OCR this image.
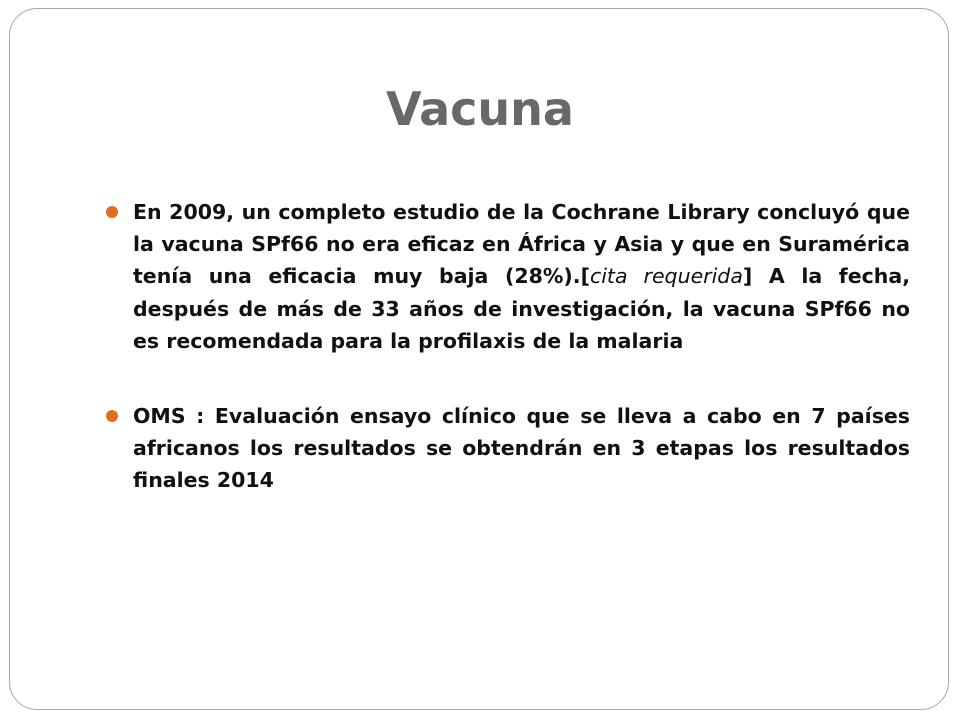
Vacuna
En 2009, un completo estudio de la Cochrane Library concluyó que la vacuna SPf66 no era eficaz en África y Asia y que en Suramérica tenía una eficacia muy baja (28%).[cita requerida] A la fecha, después de más de 33 años de investigación, la vacuna SPf66 no es recomendada para la profilaxis de la malaria
OMS : Evaluación ensayo clínico que se lleva a cabo en 7 países africanos los resultados se obtendrán en 3 etapas los resultados finales 2014
